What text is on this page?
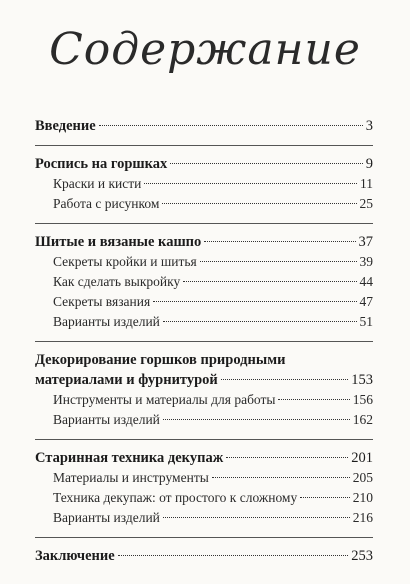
Содержание
Введение	3
Роспись на горшках	9
Краски и кисти	11
Работа с рисунком	25
Шитые и вязаные кашпо	37
Секреты кройки и шитья	39
Как сделать выкройку	44
Секреты вязания	47
Варианты изделий	51
Декорирование горшков природными
материалами и фурнитурой	153
Инструменты и материалы для работы	156
Варианты изделий	162
Старинная техника декупаж	201
Материалы и инструменты	205
Техника декупаж: от простого к сложному	210
Варианты изделий	216
Заключение	253
